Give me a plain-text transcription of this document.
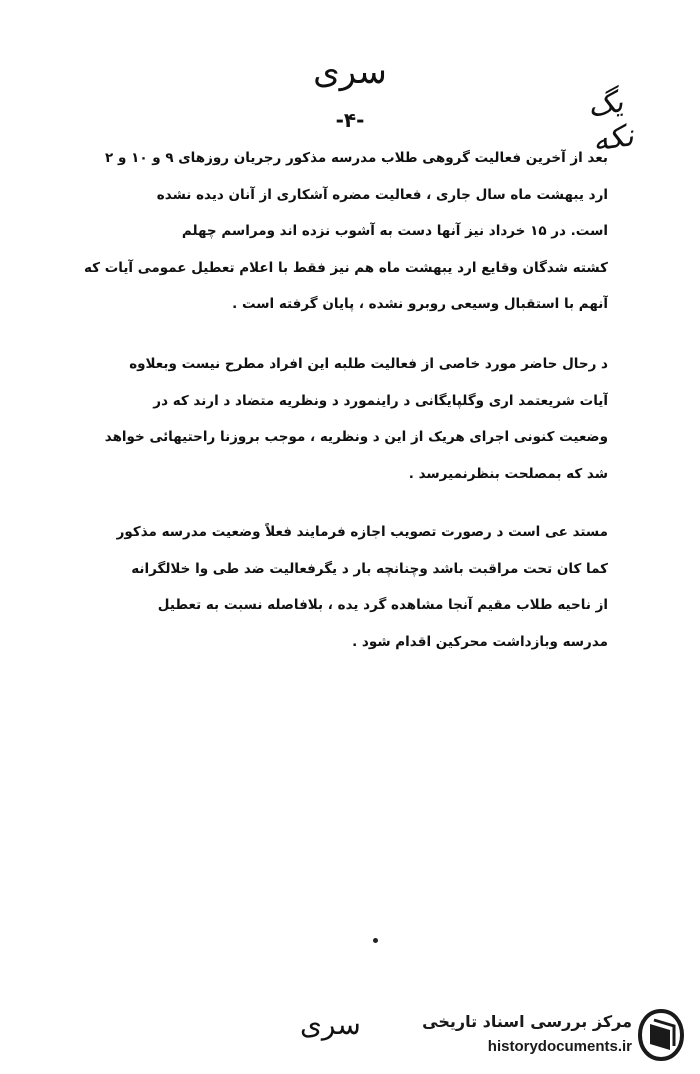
سری
یگ نکه
-۴-
بعد از آخرین فعالیت گروهی طلاب مدرسه مذکور رجریان روزهای ۹ و ۱۰ و ۲
ارد یبهشت ماه سال جاری ، فعالیت مضره آشکاری از آنان دیده نشده
است. در ۱۵ خرداد نیز آنها دست به آشوب نزده اند ومراسم چهلم
کشته شدگان وقایع ارد یبهشت ماه هم نیز فقط با اعلام تعطیل عمومی آیات که
آنهم با استقبال وسیعی روبرو نشده ، پایان گرفته است .
د رحال حاضر مورد خاصی از فعالیت طلبه این افراد مطرح نیست وبعلاوه
آیات شریعتمد اری وگلپایگانی د راینمورد د ونظریه متضاد د ارند که در
وضعیت کنونی اجرای هریک از این د ونظریه ، موجب بروزنا راحتیهائی خواهد
شد که بمصلحت بنظرنمیرسد .
مستد عی است د رصورت تصویب اجازه فرمایند فعلاً وضعیت مدرسه مذکور
کما کان تحت مراقبت باشد وچنانچه بار د یگرفعالیت ضد طی وا خلالگرانه
از ناحیه طلاب مقیم آنجا مشاهده گرد یده ، بلافاصله نسبت به تعطیل
مدرسه وبازداشت محرکین اقدام شود .
سری	مرکز بررسی اسناد تاریخی
historydocuments.ir
